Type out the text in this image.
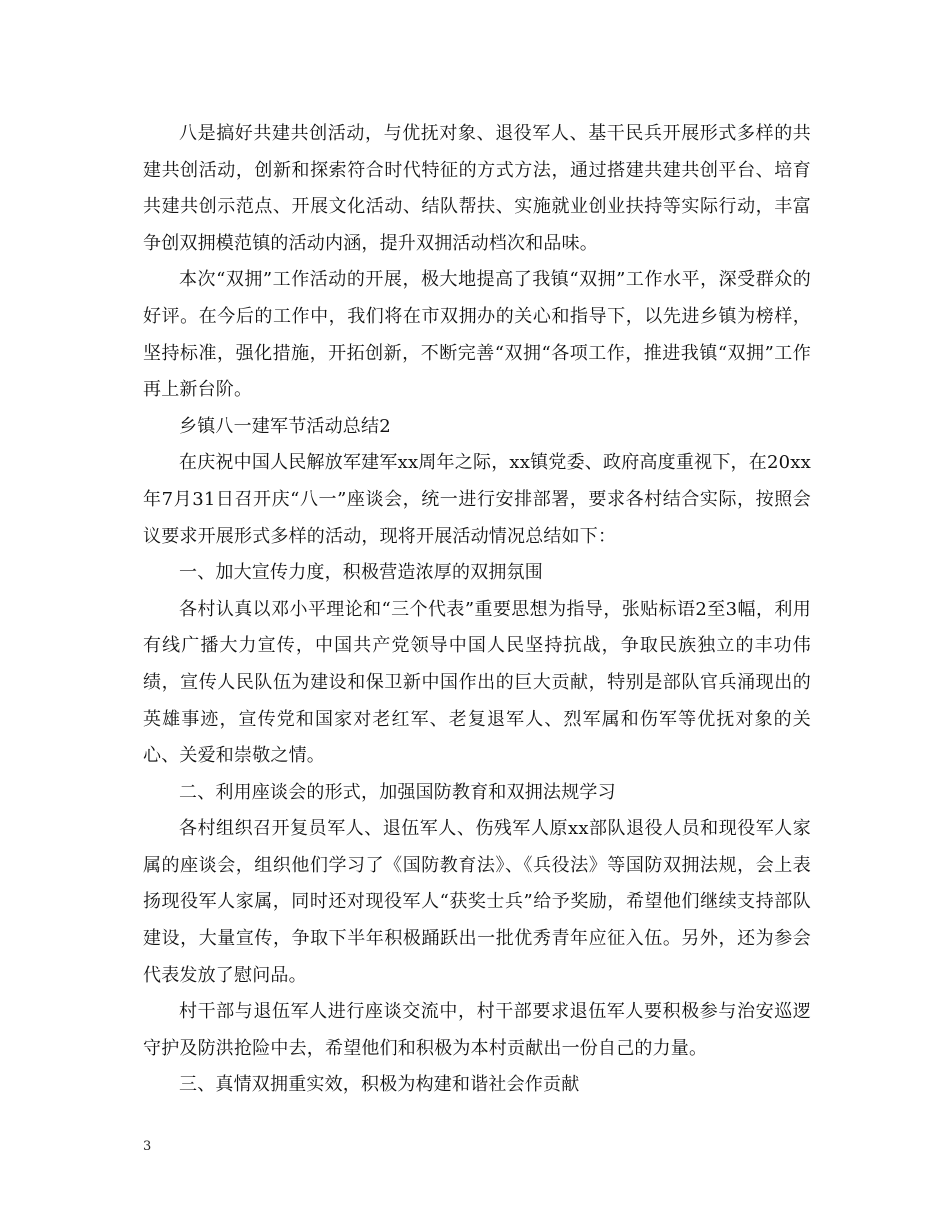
八是搞好共建共创活动，与优抚对象、退役军人、基干民兵开展形式多样的共建共创活动，创新和探索符合时代特征的方式方法，通过搭建共建共创平台、培育共建共创示范点、开展文化活动、结队帮扶、实施就业创业扶持等实际行动，丰富争创双拥模范镇的活动内涵，提升双拥活动档次和品味。

本次“双拥”工作活动的开展，极大地提高了我镇“双拥”工作水平，深受群众的好评。在今后的工作中，我们将在市双拥办的关心和指导下，以先进乡镇为榜样，坚持标准，强化措施，开拓创新，不断完善“双拥“各项工作，推进我镇“双拥”工作再上新台阶。

乡镇八一建军节活动总结2

在庆祝中国人民解放军建军xx周年之际，xx镇党委、政府高度重视下，在20xx年7月31日召开庆“八一”座谈会，统一进行安排部署，要求各村结合实际，按照会议要求开展形式多样的活动，现将开展活动情况总结如下：

一、加大宣传力度，积极营造浓厚的双拥氛围

各村认真以邓小平理论和“三个代表”重要思想为指导，张贴标语2至3幅，利用有线广播大力宣传，中国共产党领导中国人民坚持抗战，争取民族独立的丰功伟绩，宣传人民队伍为建设和保卫新中国作出的巨大贡献，特别是部队官兵涌现出的英雄事迹，宣传党和国家对老红军、老复退军人、烈军属和伤军等优抚对象的关心、关爱和崇敬之情。

二、利用座谈会的形式，加强国防教育和双拥法规学习

各村组织召开复员军人、退伍军人、伤残军人原xx部队退役人员和现役军人家属的座谈会，组织他们学习了《国防教育法》、《兵役法》等国防双拥法规，会上表扬现役军人家属，同时还对现役军人“获奖士兵”给予奖励，希望他们继续支持部队建设，大量宣传，争取下半年积极踊跃出一批优秀青年应征入伍。另外，还为参会代表发放了慰问品。

村干部与退伍军人进行座谈交流中，村干部要求退伍军人要积极参与治安巡逻守护及防洪抢险中去，希望他们和积极为本村贡献出一份自己的力量。

三、真情双拥重实效，积极为构建和谐社会作贡献

3
